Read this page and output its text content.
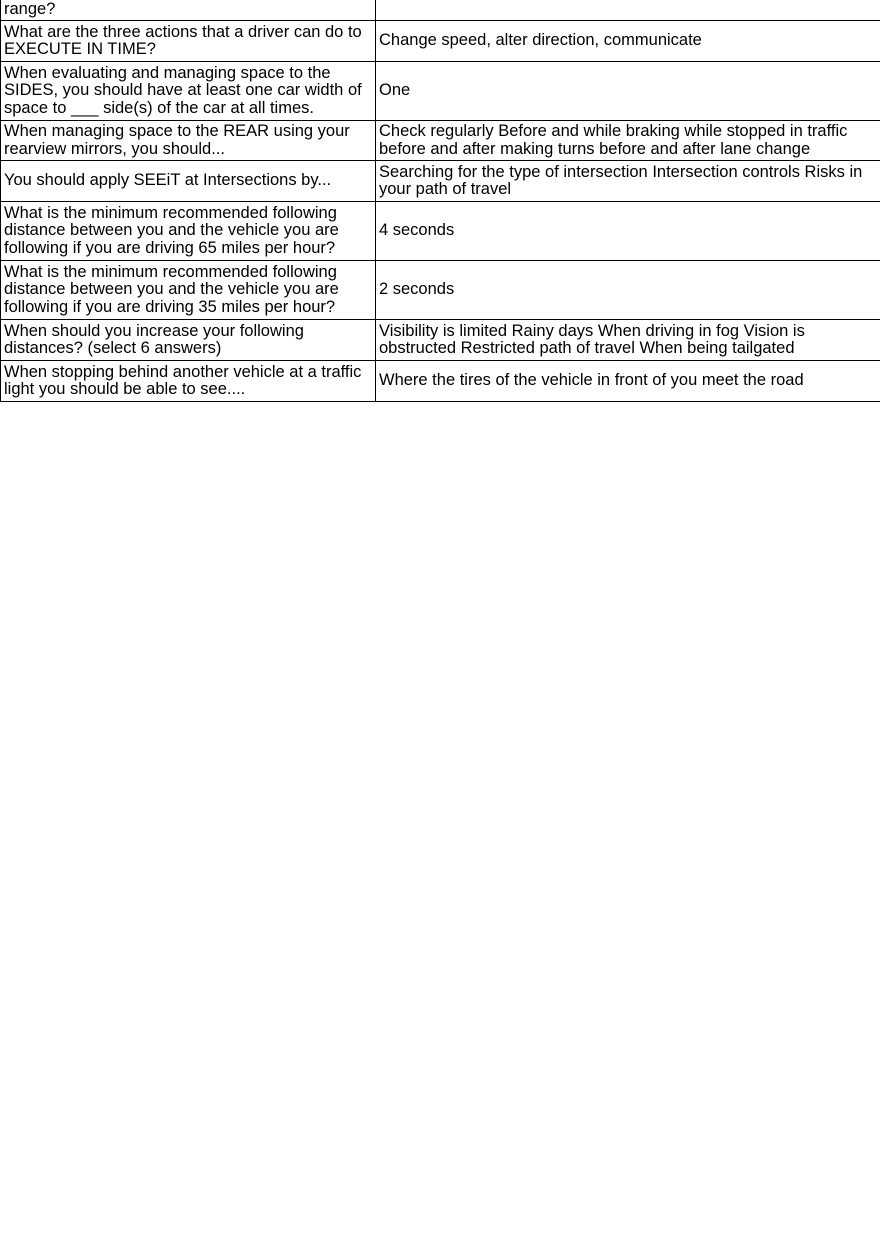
range?	
What are the three actions that a driver can do to EXECUTE IN TIME?	Change speed, alter direction, communicate
When evaluating and managing space to the SIDES, you should have at least one car width of space to ___ side(s) of the car at all times.	One
When managing space to the REAR using your rearview mirrors, you should...	Check regularly Before and while braking while stopped in traffic before and after making turns before and after lane change
You should apply SEEiT at Intersections by...	Searching for the type of intersection Intersection controls Risks in your path of travel
What is the minimum recommended following distance between you and the vehicle you are following if you are driving 65 miles per hour?	4 seconds
What is the minimum recommended following distance between you and the vehicle you are following if you are driving 35 miles per hour?	2 seconds
When should you increase your following distances? (select 6 answers)	Visibility is limited Rainy days When driving in fog Vision is obstructed Restricted path of travel When being tailgated
When stopping behind another vehicle at a traffic light you should be able to see....	Where the tires of the vehicle in front of you meet the road
